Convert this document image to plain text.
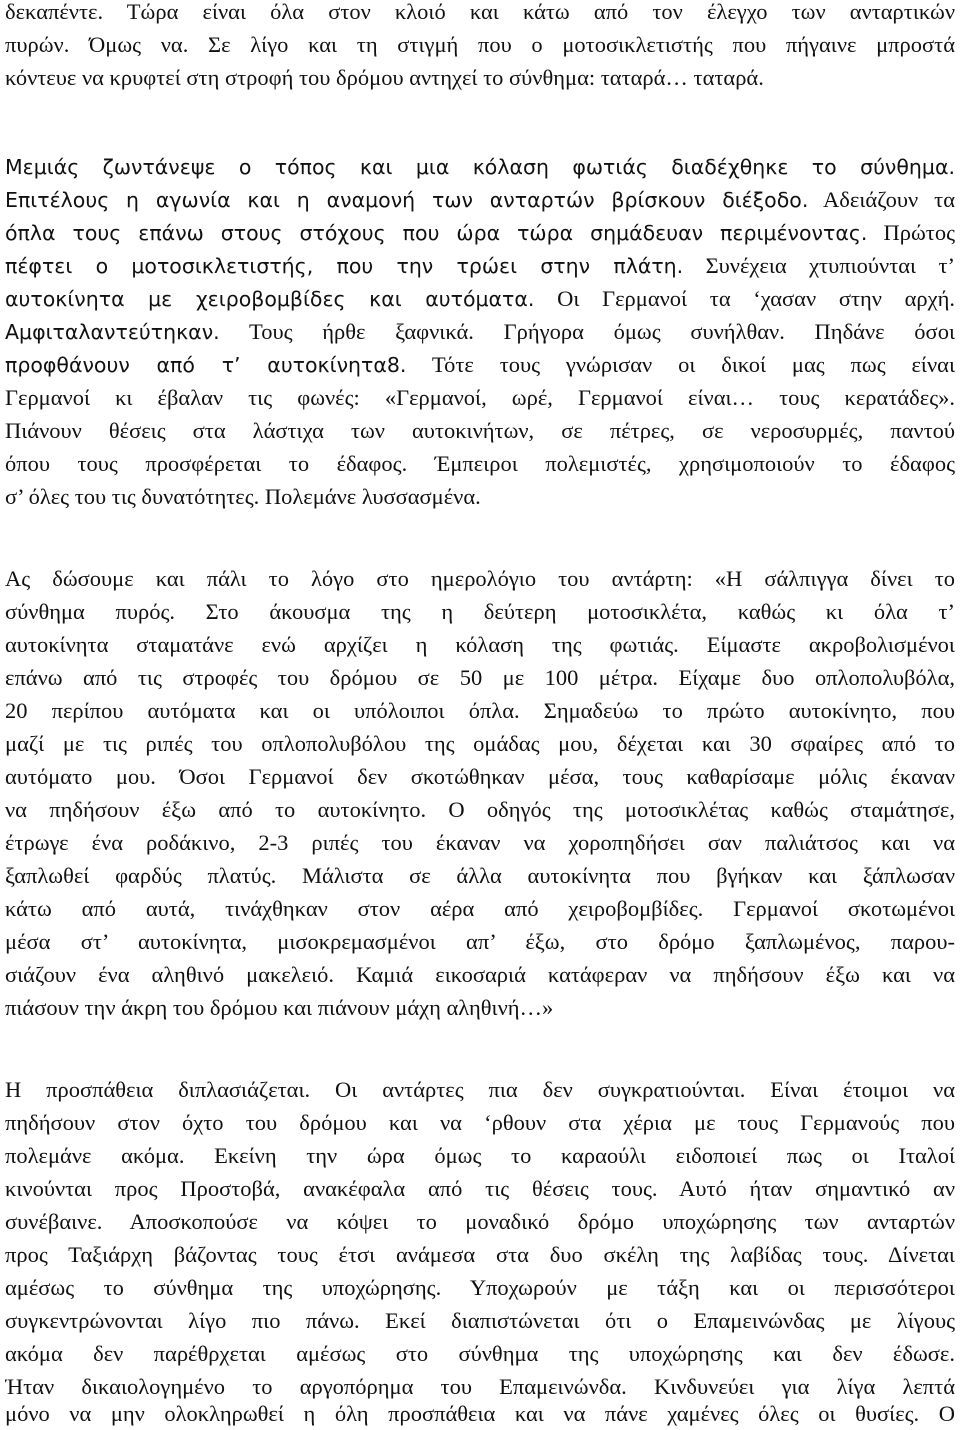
δεκαπέντε. Τώρα είναι όλα στον κλοιό και κάτω από τον έλεγχο των ανταρτικών
πυρών. Όμως να. Σε λίγο και τη στιγμή που ο μοτοσικλετιστής που πήγαινε μπροστά
κόντευε να κρυφτεί στη στροφή του δρόμου αντηχεί το σύνθημα: ταταρά… ταταρά.
Μεμιάς ζωντάνεψε ο τόπος και μια κόλαση φωτιάς διαδέχθηκε το σύνθημα.
Επιτέλους η αγωνία και η αναμονή των ανταρτών βρίσκουν διέξοδο. Αδειάζουν τα
όπλα τους επάνω στους στόχους που ώρα τώρα σημάδευαν περιμένοντας. Πρώτος
πέφτει ο μοτοσικλετιστής, που την τρώει στην πλάτη. Συνέχεια χτυπιούνται τ’
αυτοκίνητα με χειροβομβίδες και αυτόματα. Οι Γερμανοί τα ‘χασαν στην αρχή.
Αμφιταλαντεύτηκαν. Τους ήρθε ξαφνικά. Γρήγορα όμως συνήλθαν. Πηδάνε όσοι
προφθάνουν από τ’ αυτοκίνητα8. Τότε τους γνώρισαν οι δικοί μας πως είναι
Γερμανοί κι έβαλαν τις φωνές: «Γερμανοί, ωρέ, Γερμανοί είναι… τους κερατάδες».
Πιάνουν θέσεις στα λάστιχα των αυτοκινήτων, σε πέτρες, σε νεροσυρμές, παντού
όπου τους προσφέρεται το έδαφος. Έμπειροι πολεμιστές, χρησιμοποιούν το έδαφος
σ’ όλες του τις δυνατότητες. Πολεμάνε λυσσασμένα.
Ας δώσουμε και πάλι το λόγο στο ημερολόγιο του αντάρτη: «Η σάλπιγγα δίνει το
σύνθημα πυρός. Στο άκουσμα της η δεύτερη μοτοσικλέτα, καθώς κι όλα τ’
αυτοκίνητα σταματάνε ενώ αρχίζει η κόλαση της φωτιάς. Είμαστε ακροβολισμένοι
επάνω από τις στροφές του δρόμου σε 50 με 100 μέτρα. Είχαμε δυο οπλοπολυβόλα,
20 περίπου αυτόματα και οι υπόλοιποι όπλα. Σημαδεύω το πρώτο αυτοκίνητο, που
μαζί με τις ριπές του οπλοπολυβόλου της ομάδας μου, δέχεται και 30 σφαίρες από το
αυτόματο μου. Όσοι Γερμανοί δεν σκοτώθηκαν μέσα, τους καθαρίσαμε μόλις έκαναν
να πηδήσουν έξω από το αυτοκίνητο. Ο οδηγός της μοτοσικλέτας καθώς σταμάτησε,
έτρωγε ένα ροδάκινο, 2-3 ριπές του έκαναν να χοροπηδήσει σαν παλιάτσος και να
ξαπλωθεί φαρδύς πλατύς. Μάλιστα σε άλλα αυτοκίνητα που βγήκαν και ξάπλωσαν
κάτω από αυτά, τινάχθηκαν στον αέρα από χειροβομβίδες. Γερμανοί σκοτωμένοι
μέσα στ’ αυτοκίνητα, μισοκρεμασμένοι απ’ έξω, στο δρόμο ξαπλωμένος, παρου-
σιάζουν ένα αληθινό μακελειό. Καμιά εικοσαριά κατάφεραν να πηδήσουν έξω και να
πιάσουν την άκρη του δρόμου και πιάνουν μάχη αληθινή…»
Η προσπάθεια διπλασιάζεται. Οι αντάρτες πια δεν συγκρατιούνται. Είναι έτοιμοι να
πηδήσουν στον όχτο του δρόμου και να ‘ρθουν στα χέρια με τους Γερμανούς που
πολεμάνε ακόμα. Εκείνη την ώρα όμως το καραούλι ειδοποιεί πως οι Ιταλοί
κινούνται προς Προστοβά, ανακέφαλα από τις θέσεις τους. Αυτό ήταν σημαντικό αν
συνέβαινε. Αποσκοπούσε να κόψει το μοναδικό δρόμο υποχώρησης των ανταρτών
προς Ταξιάρχη βάζοντας τους έτσι ανάμεσα στα δυο σκέλη της λαβίδας τους. Δίνεται
αμέσως το σύνθημα της υποχώρησης. Υποχωρούν με τάξη και οι περισσότεροι
συγκεντρώνονται λίγο πιο πάνω. Εκεί διαπιστώνεται ότι ο Επαμεινώνδας με λίγους
ακόμα δεν παρέθρχεται αμέσως στο σύνθημα της υποχώρησης και δεν έδωσε.
Ήταν δικαιολογημένο το αργοπόρημα του Επαμεινώνδα. Κινδυνεύει για λίγα λεπτά
μόνο να μην ολοκληρωθεί η όλη προσπάθεια και να πάνε χαμένες όλες οι θυσίες. Ο
